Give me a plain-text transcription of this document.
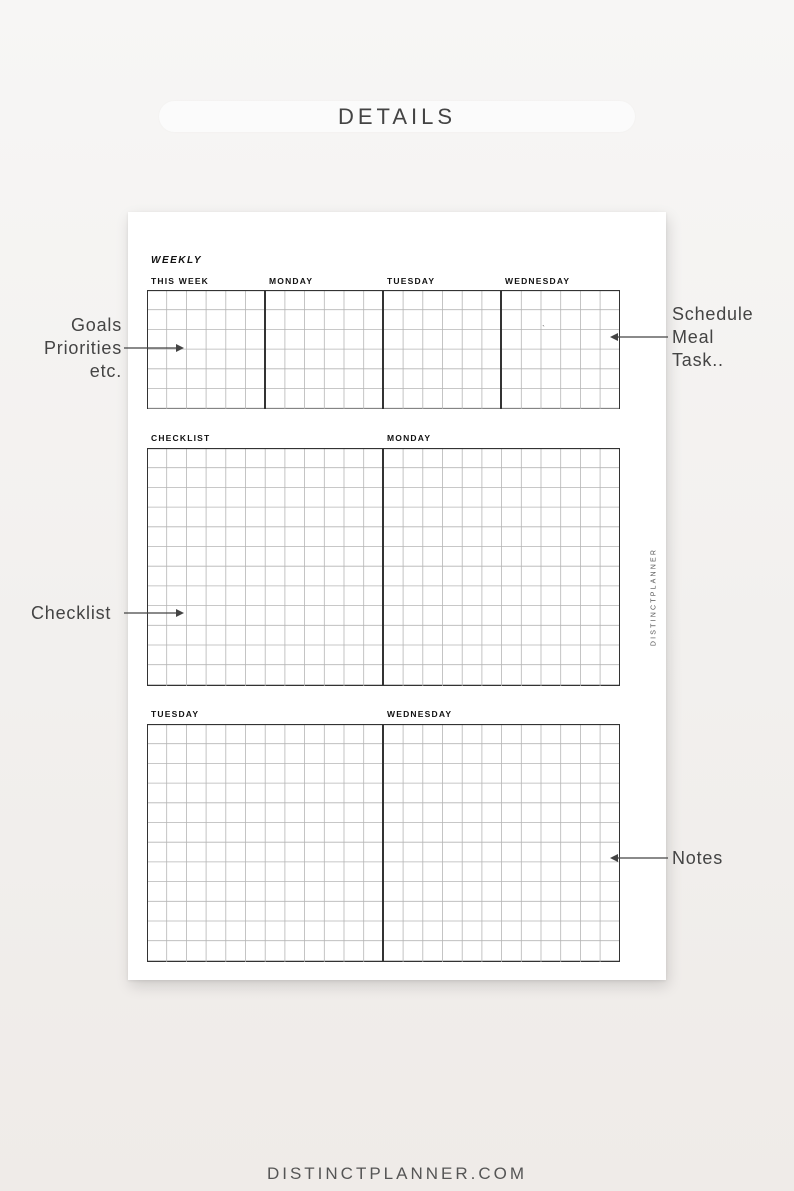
DETAILS
WEEKLY
THIS WEEK	MONDAY	TUESDAY	WEDNESDAY
`
CHECKLIST	MONDAY
TUESDAY	WEDNESDAY
DISTINCTPLANNER
Goals
Priorities
etc.
Schedule
Meal
Task..
Checklist
Notes
DISTINCTPLANNER.COM
